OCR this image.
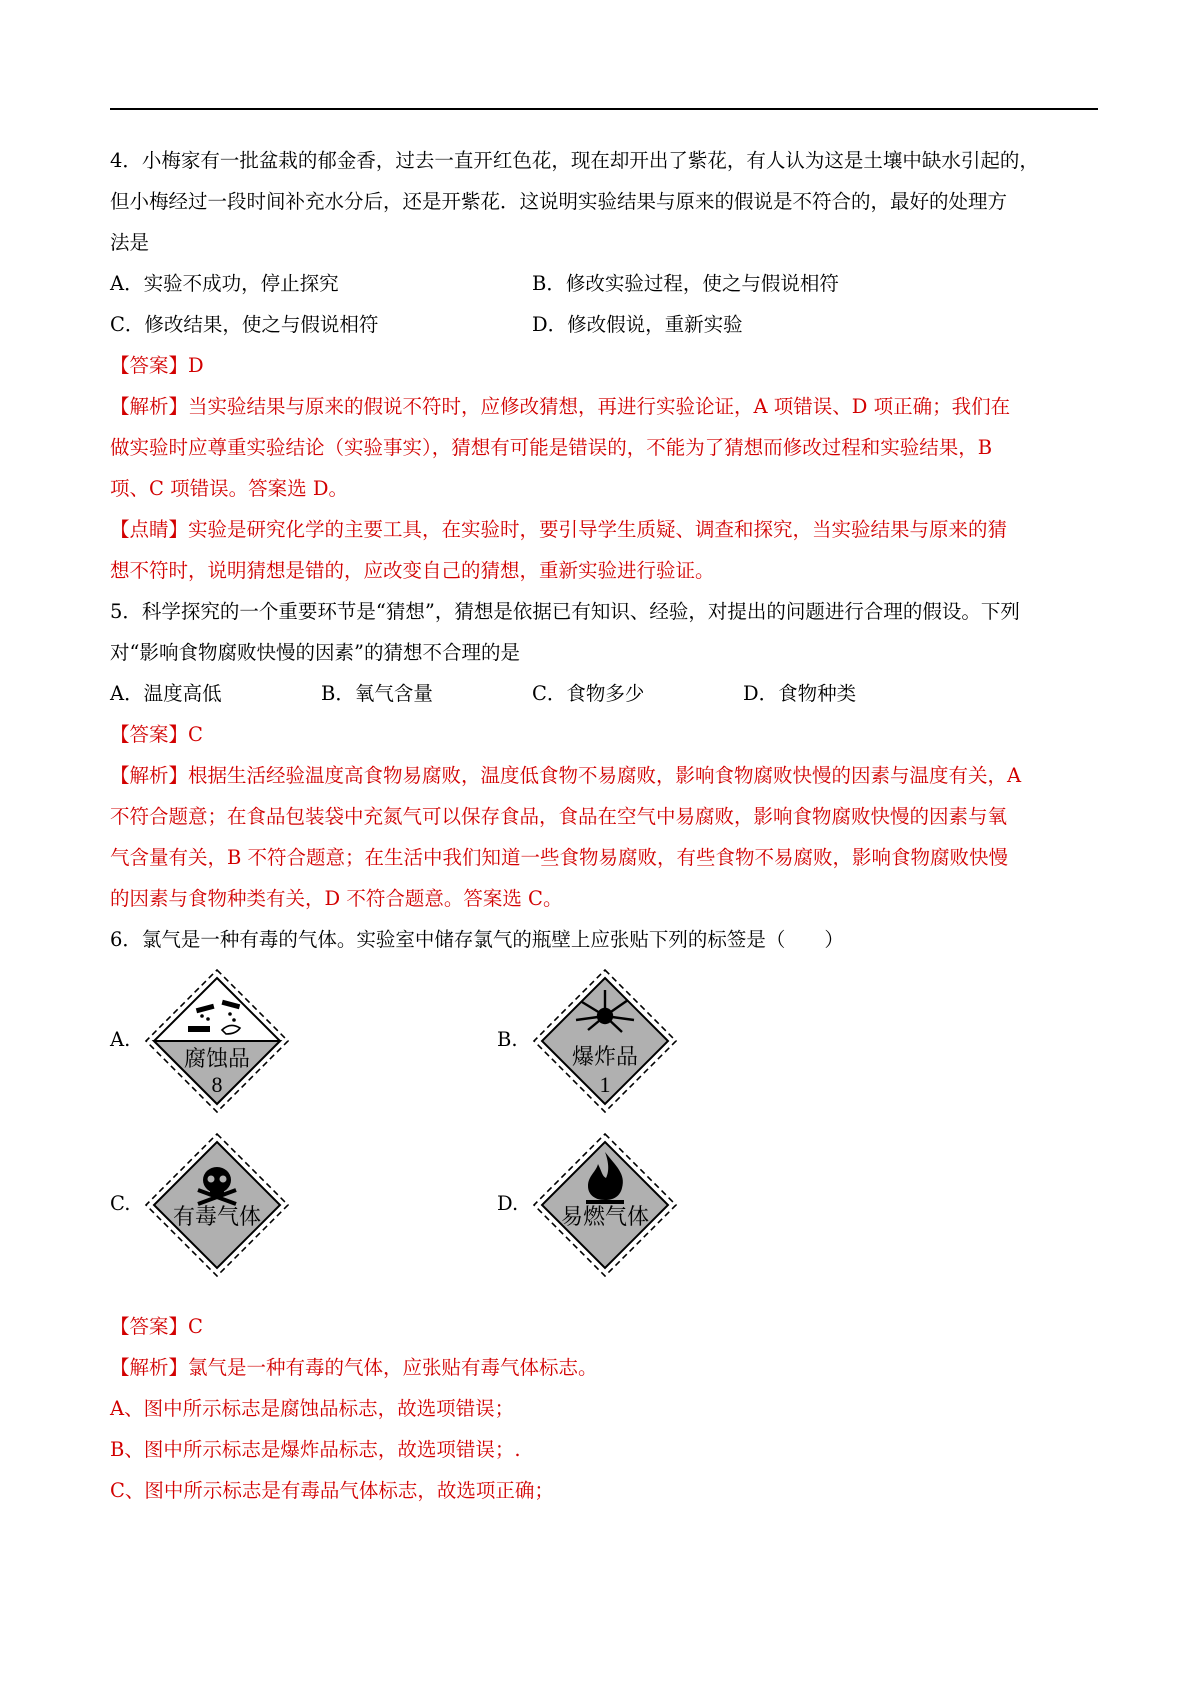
4．小梅家有一批盆栽的郁金香，过去一直开红色花，现在却开出了紫花，有人认为这是土壤中缺水引起的，
但小梅经过一段时间补充水分后，还是开紫花．这说明实验结果与原来的假说是不符合的，最好的处理方
法是
A．实验不成功，停止探究	B．修改实验过程，使之与假说相符
C．修改结果，使之与假说相符	D．修改假说，重新实验
【答案】D
【解析】当实验结果与原来的假说不符时，应修改猜想，再进行实验论证，A 项错误、D 项正确；我们在
做实验时应尊重实验结论（实验事实），猜想有可能是错误的，不能为了猜想而修改过程和实验结果，B
项、C 项错误。答案选 D。
【点睛】实验是研究化学的主要工具，在实验时，要引导学生质疑、调查和探究，当实验结果与原来的猜
想不符时，说明猜想是错的，应改变自己的猜想，重新实验进行验证。
5．科学探究的一个重要环节是“猜想”，猜想是依据已有知识、经验，对提出的问题进行合理的假设。下列
对“影响食物腐败快慢的因素”的猜想不合理的是
A．温度高低	B．氧气含量	C．食物多少	D．食物种类
【答案】C
【解析】根据生活经验温度高食物易腐败，温度低食物不易腐败，影响食物腐败快慢的因素与温度有关，A
不符合题意；在食品包装袋中充氮气可以保存食品，食品在空气中易腐败，影响食物腐败快慢的因素与氧
气含量有关，B 不符合题意；在生活中我们知道一些食物易腐败，有些食物不易腐败，影响食物腐败快慢
的因素与食物种类有关，D 不符合题意。答案选 C。
6．氯气是一种有毒的气体。实验室中储存氯气的瓶壁上应张贴下列的标签是（　　）
A.
腐蚀品
8
B.
爆炸品
1
C.
有毒气体
D.
易燃气体
【答案】C
【解析】氯气是一种有毒的气体，应张贴有毒气体标志。
A、图中所示标志是腐蚀品标志，故选项错误；
B、图中所示标志是爆炸品标志，故选项错误；.
C、图中所示标志是有毒品气体标志，故选项正确；
